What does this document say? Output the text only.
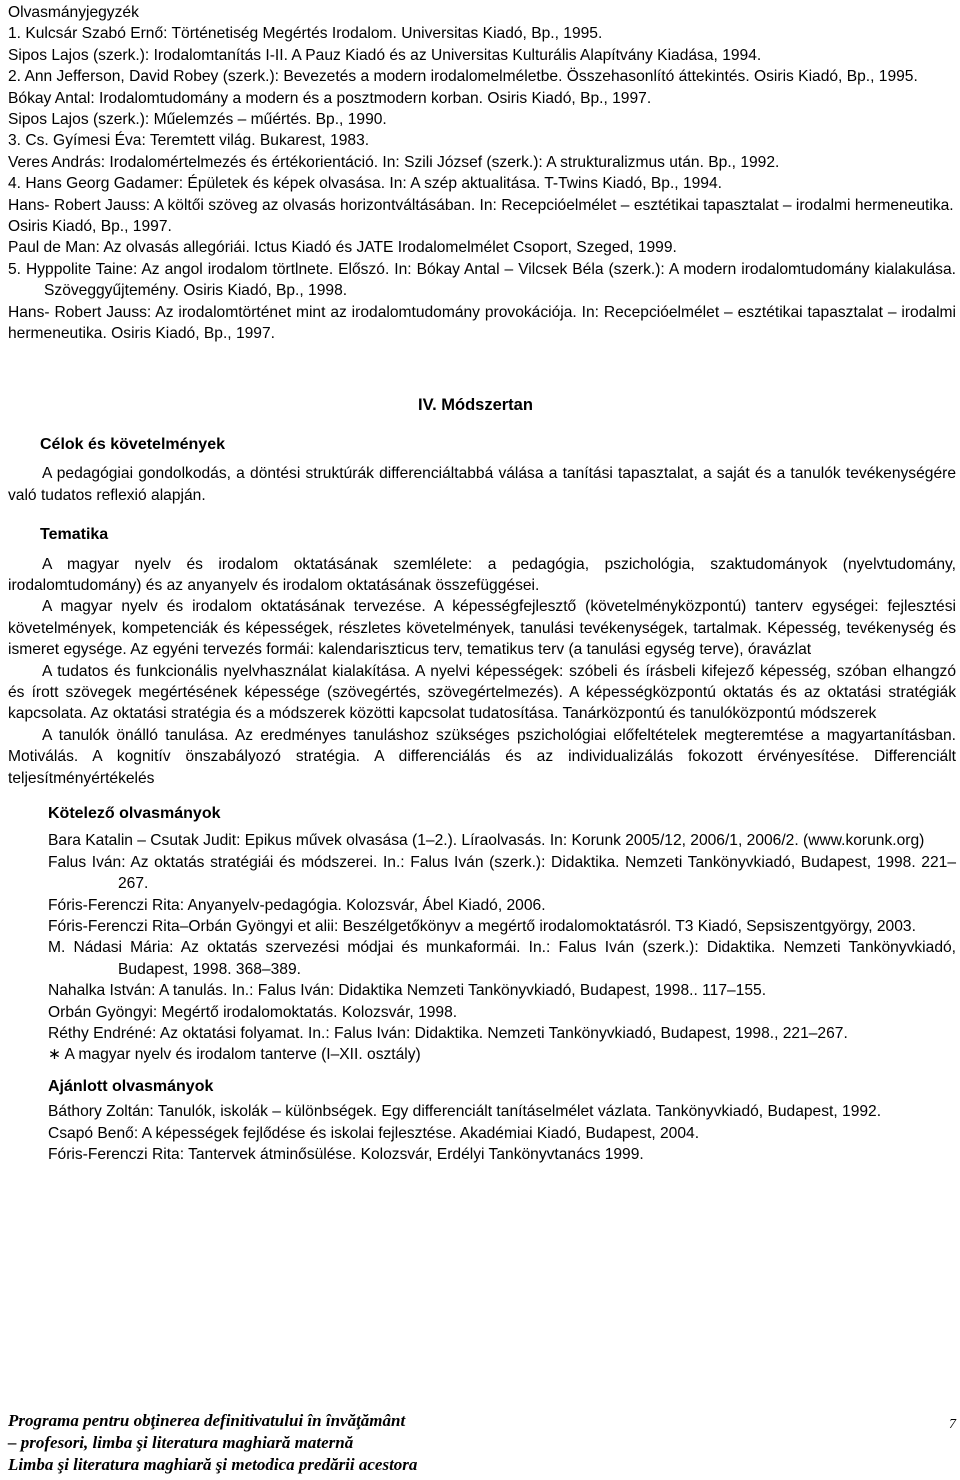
Olvasmányjegyzék
1. Kulcsár Szabó Ernő: Történetiség Megértés Irodalom. Universitas Kiadó, Bp., 1995.
Sipos Lajos (szerk.): Irodalomtanítás I-II. A Pauz Kiadó és az Universitas Kulturális Alapítvány Kiadása, 1994.
2. Ann Jefferson, David Robey (szerk.): Bevezetés a modern irodalomelméletbe. Összehasonlító áttekintés. Osiris Kiadó, Bp., 1995.
Bókay Antal: Irodalomtudomány a modern és a posztmodern korban. Osiris Kiadó, Bp., 1997.
Sipos Lajos (szerk.): Műelemzés – műértés. Bp., 1990.
3. Cs. Gyímesi Éva: Teremtett világ. Bukarest, 1983.
Veres András: Irodalomértelmezés és értékorientáció. In: Szili József (szerk.): A strukturalizmus után. Bp., 1992.
4. Hans Georg Gadamer: Épületek és képek olvasása. In: A szép aktualitása. T-Twins Kiadó, Bp., 1994.
Hans- Robert Jauss: A költői szöveg az olvasás horizontváltásában. In: Recepcióelmélet – esztétikai tapasztalat – irodalmi hermeneutika. Osiris Kiadó, Bp., 1997.
Paul de Man: Az olvasás allegóriái. Ictus Kiadó és JATE Irodalomelmélet Csoport, Szeged, 1999.
5. Hyppolite Taine: Az angol irodalom törtlnete. Előszó. In: Bókay Antal – Vilcsek Béla (szerk.): A modern irodalomtudomány kialakulása. Szöveggyűjtemény. Osiris Kiadó, Bp., 1998.
Hans- Robert Jauss: Az irodalomtörténet mint az irodalomtudomány provokációja. In: Recepcióelmélet – esztétikai tapasztalat – irodalmi hermeneutika. Osiris Kiadó, Bp., 1997.
IV. Módszertan
Célok és követelmények
A pedagógiai gondolkodás, a döntési struktúrák differenciáltabbá válása a tanítási tapasztalat, a saját és a tanulók tevékenységére való tudatos reflexió alapján.
Tematika
A magyar nyelv és irodalom oktatásának szemlélete: a pedagógia, pszichológia, szaktudományok (nyelvtudomány, irodalomtudomány) és az anyanyelv és irodalom oktatásának összefüggései.
A magyar nyelv és irodalom oktatásának tervezése. A képességfejlesztő (követelményközpontú) tanterv egységei: fejlesztési követelmények, kompetenciák és képességek, részletes követelmények, tanulási tevékenységek, tartalmak. Képesség, tevékenység és ismeret egysége. Az egyéni tervezés formái: kalendariszticus terv, tematikus terv (a tanulási egység terve), óravázlat
A tudatos és funkcionális nyelvhasználat kialakítása. A nyelvi képességek: szóbeli és írásbeli kifejező képesség, szóban elhangzó és írott szövegek megértésének képessége (szövegértés, szövegértelmezés). A képességközpontú oktatás és az oktatási stratégiák kapcsolata. Az oktatási stratégia és a módszerek közötti kapcsolat tudatosítása. Tanárközpontú és tanulóközpontú módszerek
A tanulók önálló tanulása. Az eredményes tanuláshoz szükséges pszichológiai előfeltételek megteremtése a magyartanításban. Motiválás. A kognitív önszabályozó stratégia. A differenciálás és az individualizálás fokozott érvényesítése. Differenciált teljesítményértékelés
Kötelező olvasmányok
Bara Katalin – Csutak Judit: Epikus művek olvasása (1–2.). Líraolvasás. In: Korunk 2005/12, 2006/1, 2006/2. (www.korunk.org)
Falus Iván: Az oktatás stratégiái és módszerei. In.: Falus Iván (szerk.): Didaktika. Nemzeti Tankönyvkiadó, Budapest, 1998. 221–267.
Fóris-Ferenczi Rita: Anyanyelv-pedagógia. Kolozsvár, Ábel Kiadó, 2006.
Fóris-Ferenczi Rita–Orbán Gyöngyi et alii: Beszélgetőkönyv a megértő irodalomoktatásról. T3 Kiadó, Sepsiszentgyörgy, 2003.
M. Nádasi Mária: Az oktatás szervezési módjai és munkaformái. In.: Falus Iván (szerk.): Didaktika. Nemzeti Tankönyvkiadó, Budapest, 1998. 368–389.
Nahalka István: A tanulás. In.: Falus Iván: Didaktika Nemzeti Tankönyvkiadó, Budapest, 1998.. 117–155.
Orbán Gyöngyi: Megértő irodalomoktatás. Kolozsvár, 1998.
Réthy Endréné: Az oktatási folyamat. In.: Falus Iván: Didaktika. Nemzeti Tankönyvkiadó, Budapest, 1998., 221–267.
∗ A magyar nyelv és irodalom tanterve (I–XII. osztály)
Ajánlott olvasmányok
Báthory Zoltán: Tanulók, iskolák – különbségek. Egy differenciált tanításelmélet vázlata. Tankönyvkiadó, Budapest, 1992.
Csapó Benő: A képességek fejlődése és iskolai fejlesztése. Akadémiai Kiadó, Budapest, 2004.
Fóris-Ferenczi Rita: Tantervek átminősülése. Kolozsvár, Erdélyi Tankönyvtanács 1999.
Programa pentru obţinerea definitivatului în învăţământ
– profesori, limba şi literatura maghiară maternă
Limba şi literatura maghiară şi metodica predării acestora
7
